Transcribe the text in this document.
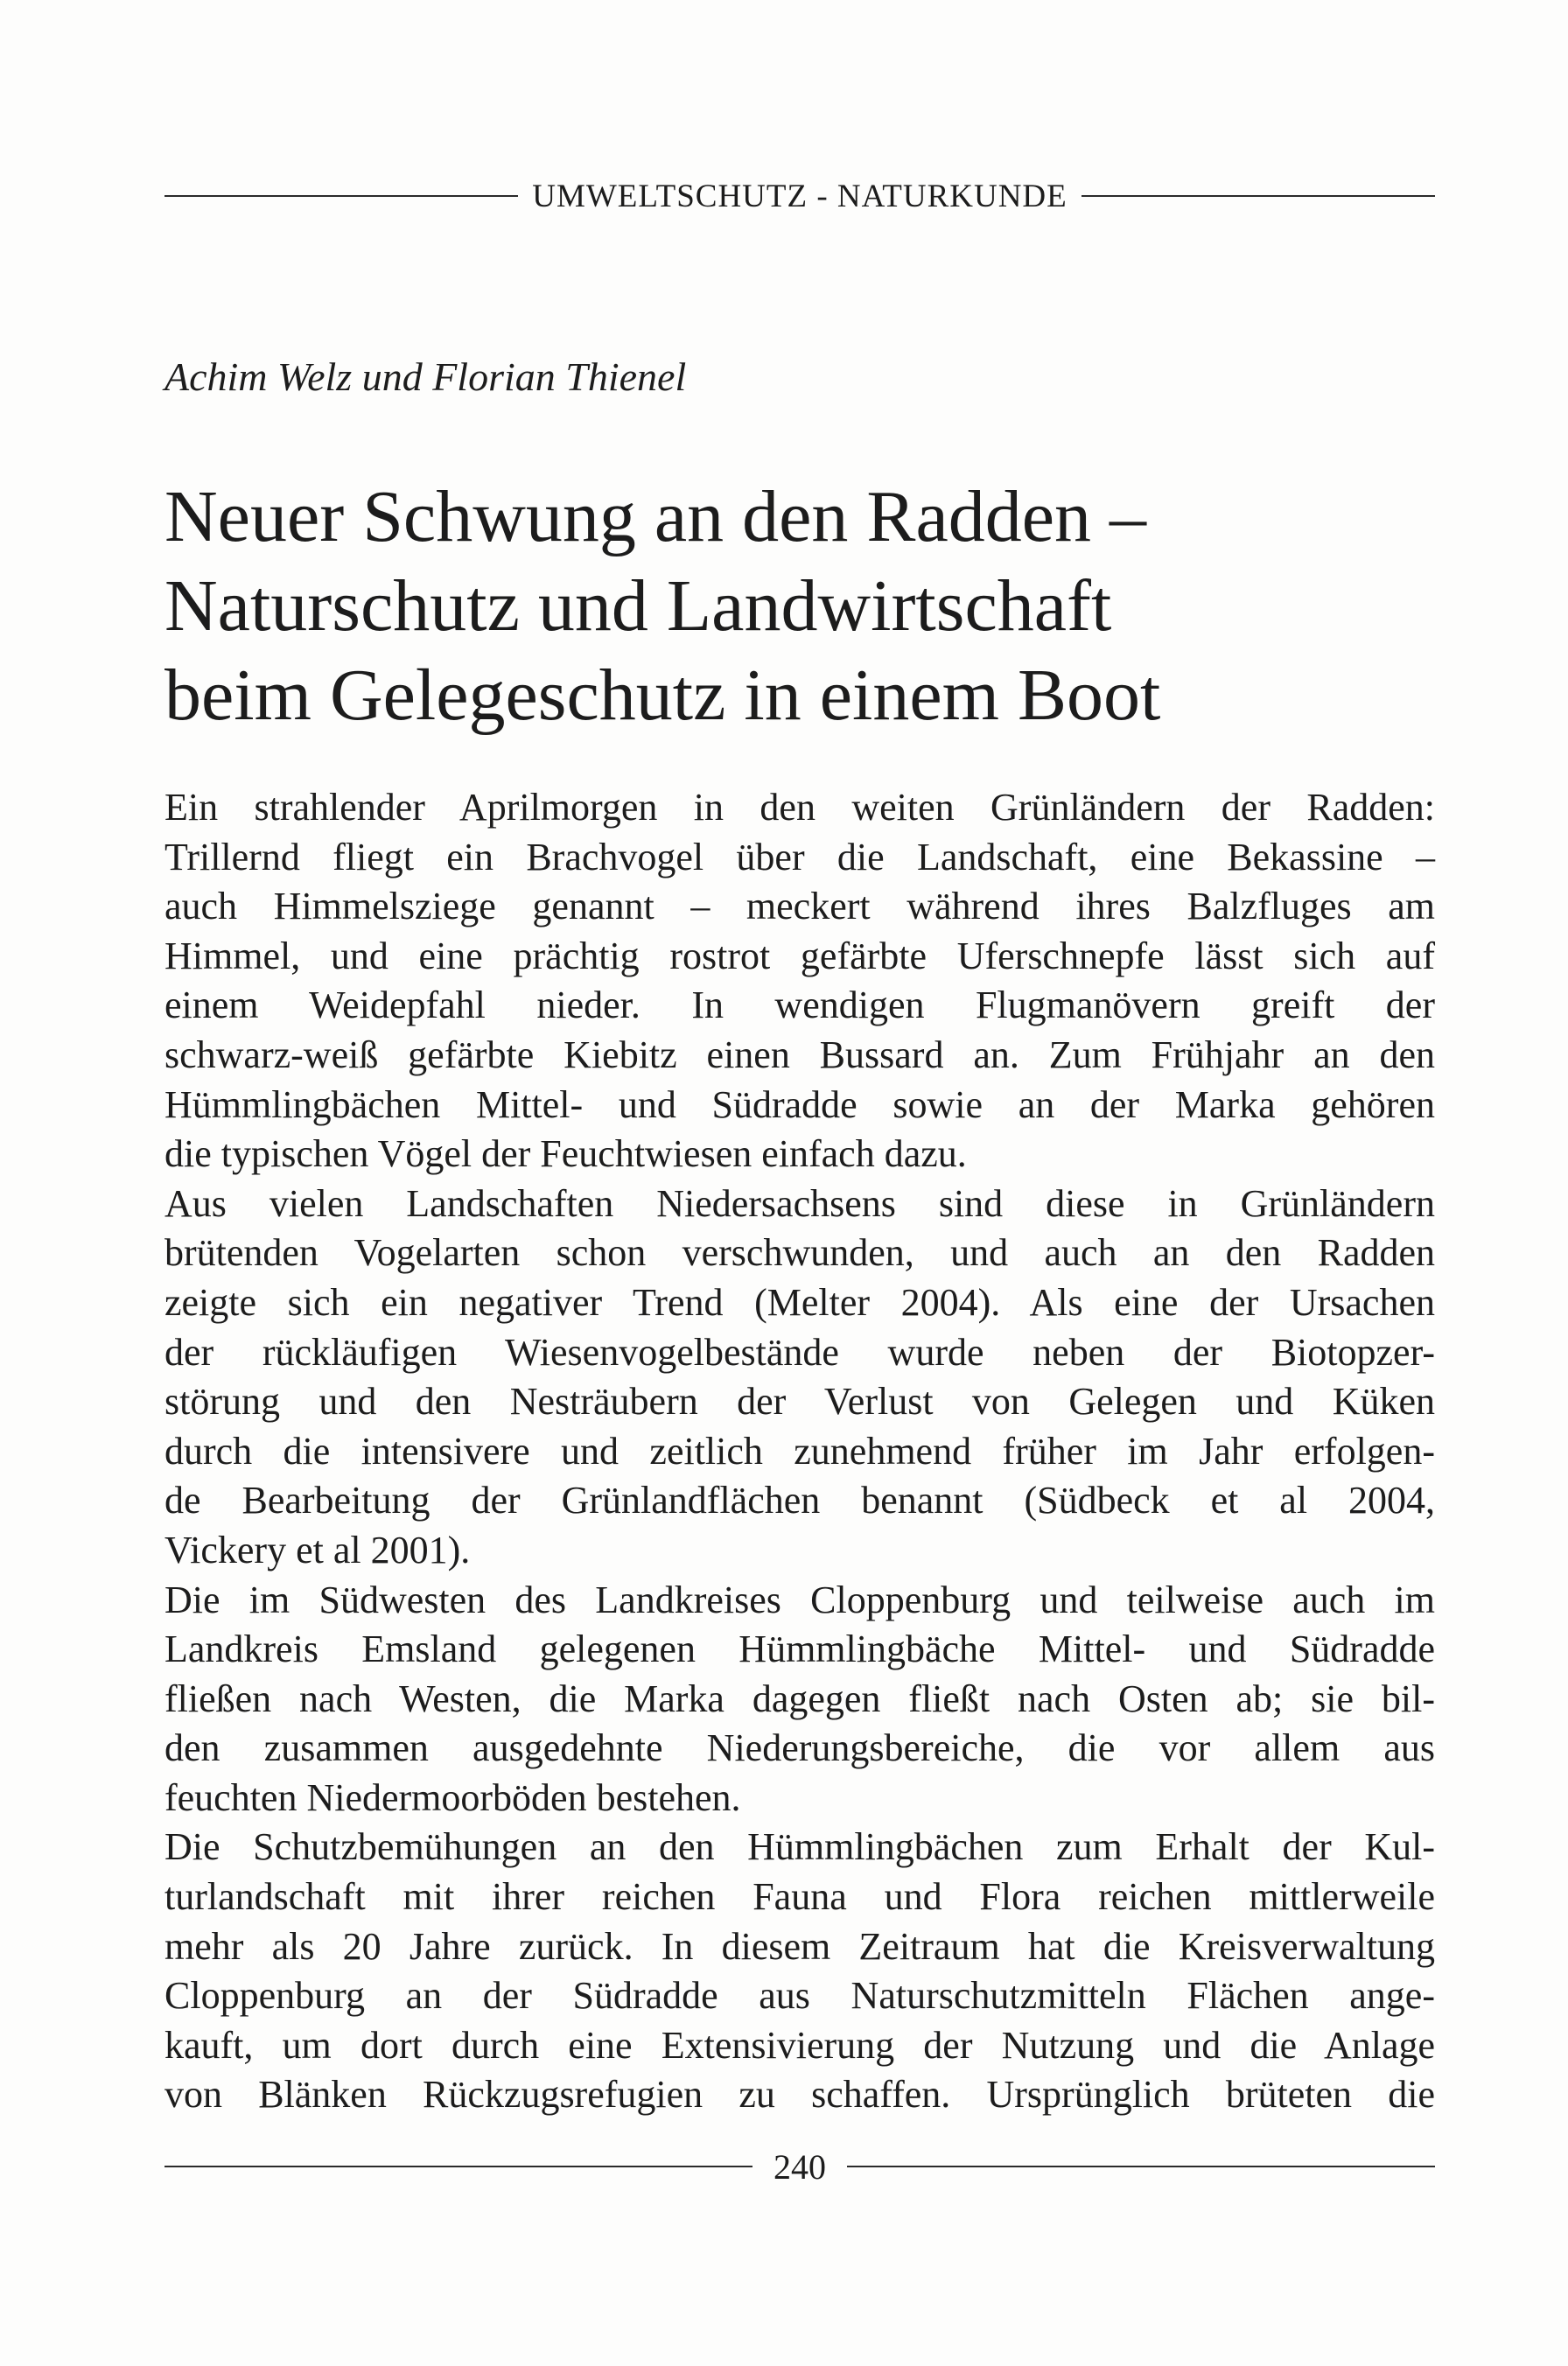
UMWELTSCHUTZ - NATURKUNDE
Achim Welz und Florian Thienel
Neuer Schwung an den Radden –
Naturschutz und Landwirtschaft
beim Gelegeschutz in einem Boot
Ein strahlender Aprilmorgen in den weiten Grünländern der Radden:
Trillernd fliegt ein Brachvogel über die Landschaft, eine Bekassine –
auch Himmelsziege genannt – meckert während ihres Balzfluges am
Himmel, und eine prächtig rostrot gefärbte Uferschnepfe lässt sich auf
einem Weidepfahl nieder. In wendigen Flugmanövern greift der
schwarz-weiß gefärbte Kiebitz einen Bussard an. Zum Frühjahr an den
Hümmlingbächen Mittel- und Südradde sowie an der Marka gehören
die typischen Vögel der Feuchtwiesen einfach dazu.
Aus vielen Landschaften Niedersachsens sind diese in Grünländern
brütenden Vogelarten schon verschwunden, und auch an den Radden
zeigte sich ein negativer Trend (Melter 2004). Als eine der Ursachen
der rückläufigen Wiesenvogelbestände wurde neben der Biotopzer-
störung und den Nesträubern der Verlust von Gelegen und Küken
durch die intensivere und zeitlich zunehmend früher im Jahr erfolgen-
de Bearbeitung der Grünlandflächen benannt (Südbeck et al 2004,
Vickery et al 2001).
Die im Südwesten des Landkreises Cloppenburg und teilweise auch im
Landkreis Emsland gelegenen Hümmlingbäche Mittel- und Südradde
fließen nach Westen, die Marka dagegen fließt nach Osten ab; sie bil-
den zusammen ausgedehnte Niederungsbereiche, die vor allem aus
feuchten Niedermoorböden bestehen.
Die Schutzbemühungen an den Hümmlingbächen zum Erhalt der Kul-
turlandschaft mit ihrer reichen Fauna und Flora reichen mittlerweile
mehr als 20 Jahre zurück. In diesem Zeitraum hat die Kreisverwaltung
Cloppenburg an der Südradde aus Naturschutzmitteln Flächen ange-
kauft, um dort durch eine Extensivierung der Nutzung und die Anlage
von Blänken Rückzugsrefugien zu schaffen. Ursprünglich brüteten die
240
